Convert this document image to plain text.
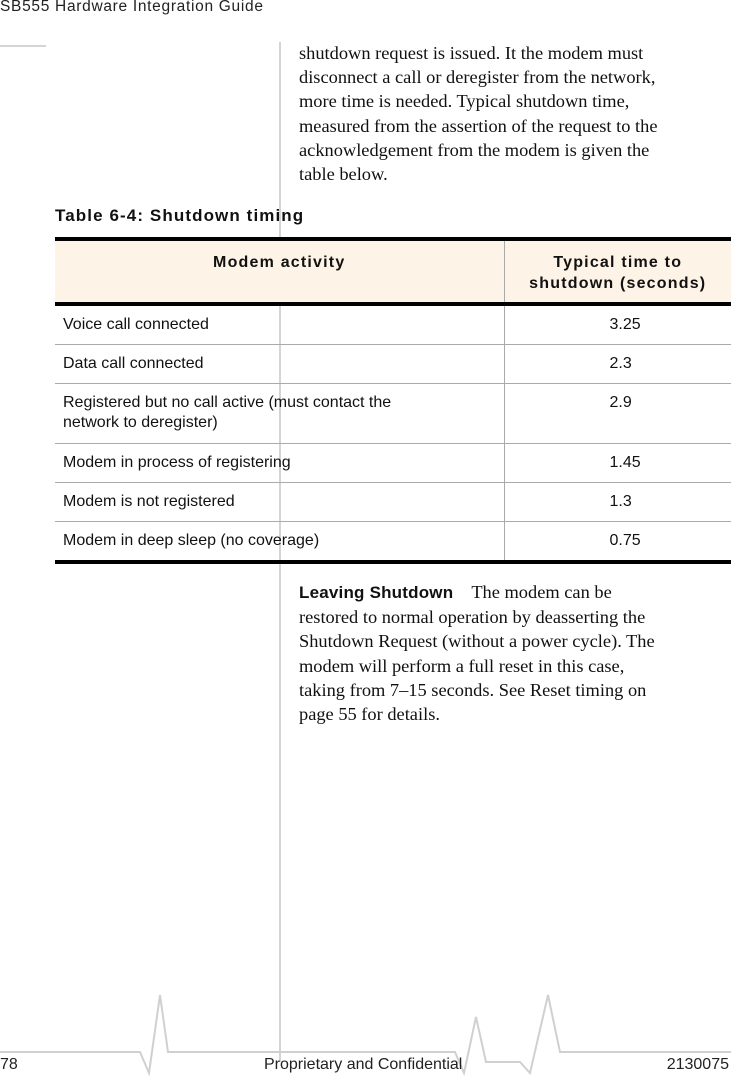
SB555 Hardware Integration Guide
shutdown request is issued. It the modem must
disconnect a call or deregister from the network,
more time is needed. Typical shutdown time,
measured from the assertion of the request to the
acknowledgement from the modem is given the
table below.
Table 6-4: Shutdown timing
Modem activity	Typical time to shutdown (seconds)
Voice call connected	3.25
Data call connected	2.3
Registered but no call active (must contact the network to deregister)	2.9
Modem in process of registering	1.45
Modem is not registered	1.3
Modem in deep sleep (no coverage)	0.75
Leaving Shutdown The modem can be
restored to normal operation by deasserting the
Shutdown Request (without a power cycle). The
modem will perform a full reset in this case,
taking from 7–15 seconds. See Reset timing on
page 55 for details.
78	Proprietary and Confidential	2130075
